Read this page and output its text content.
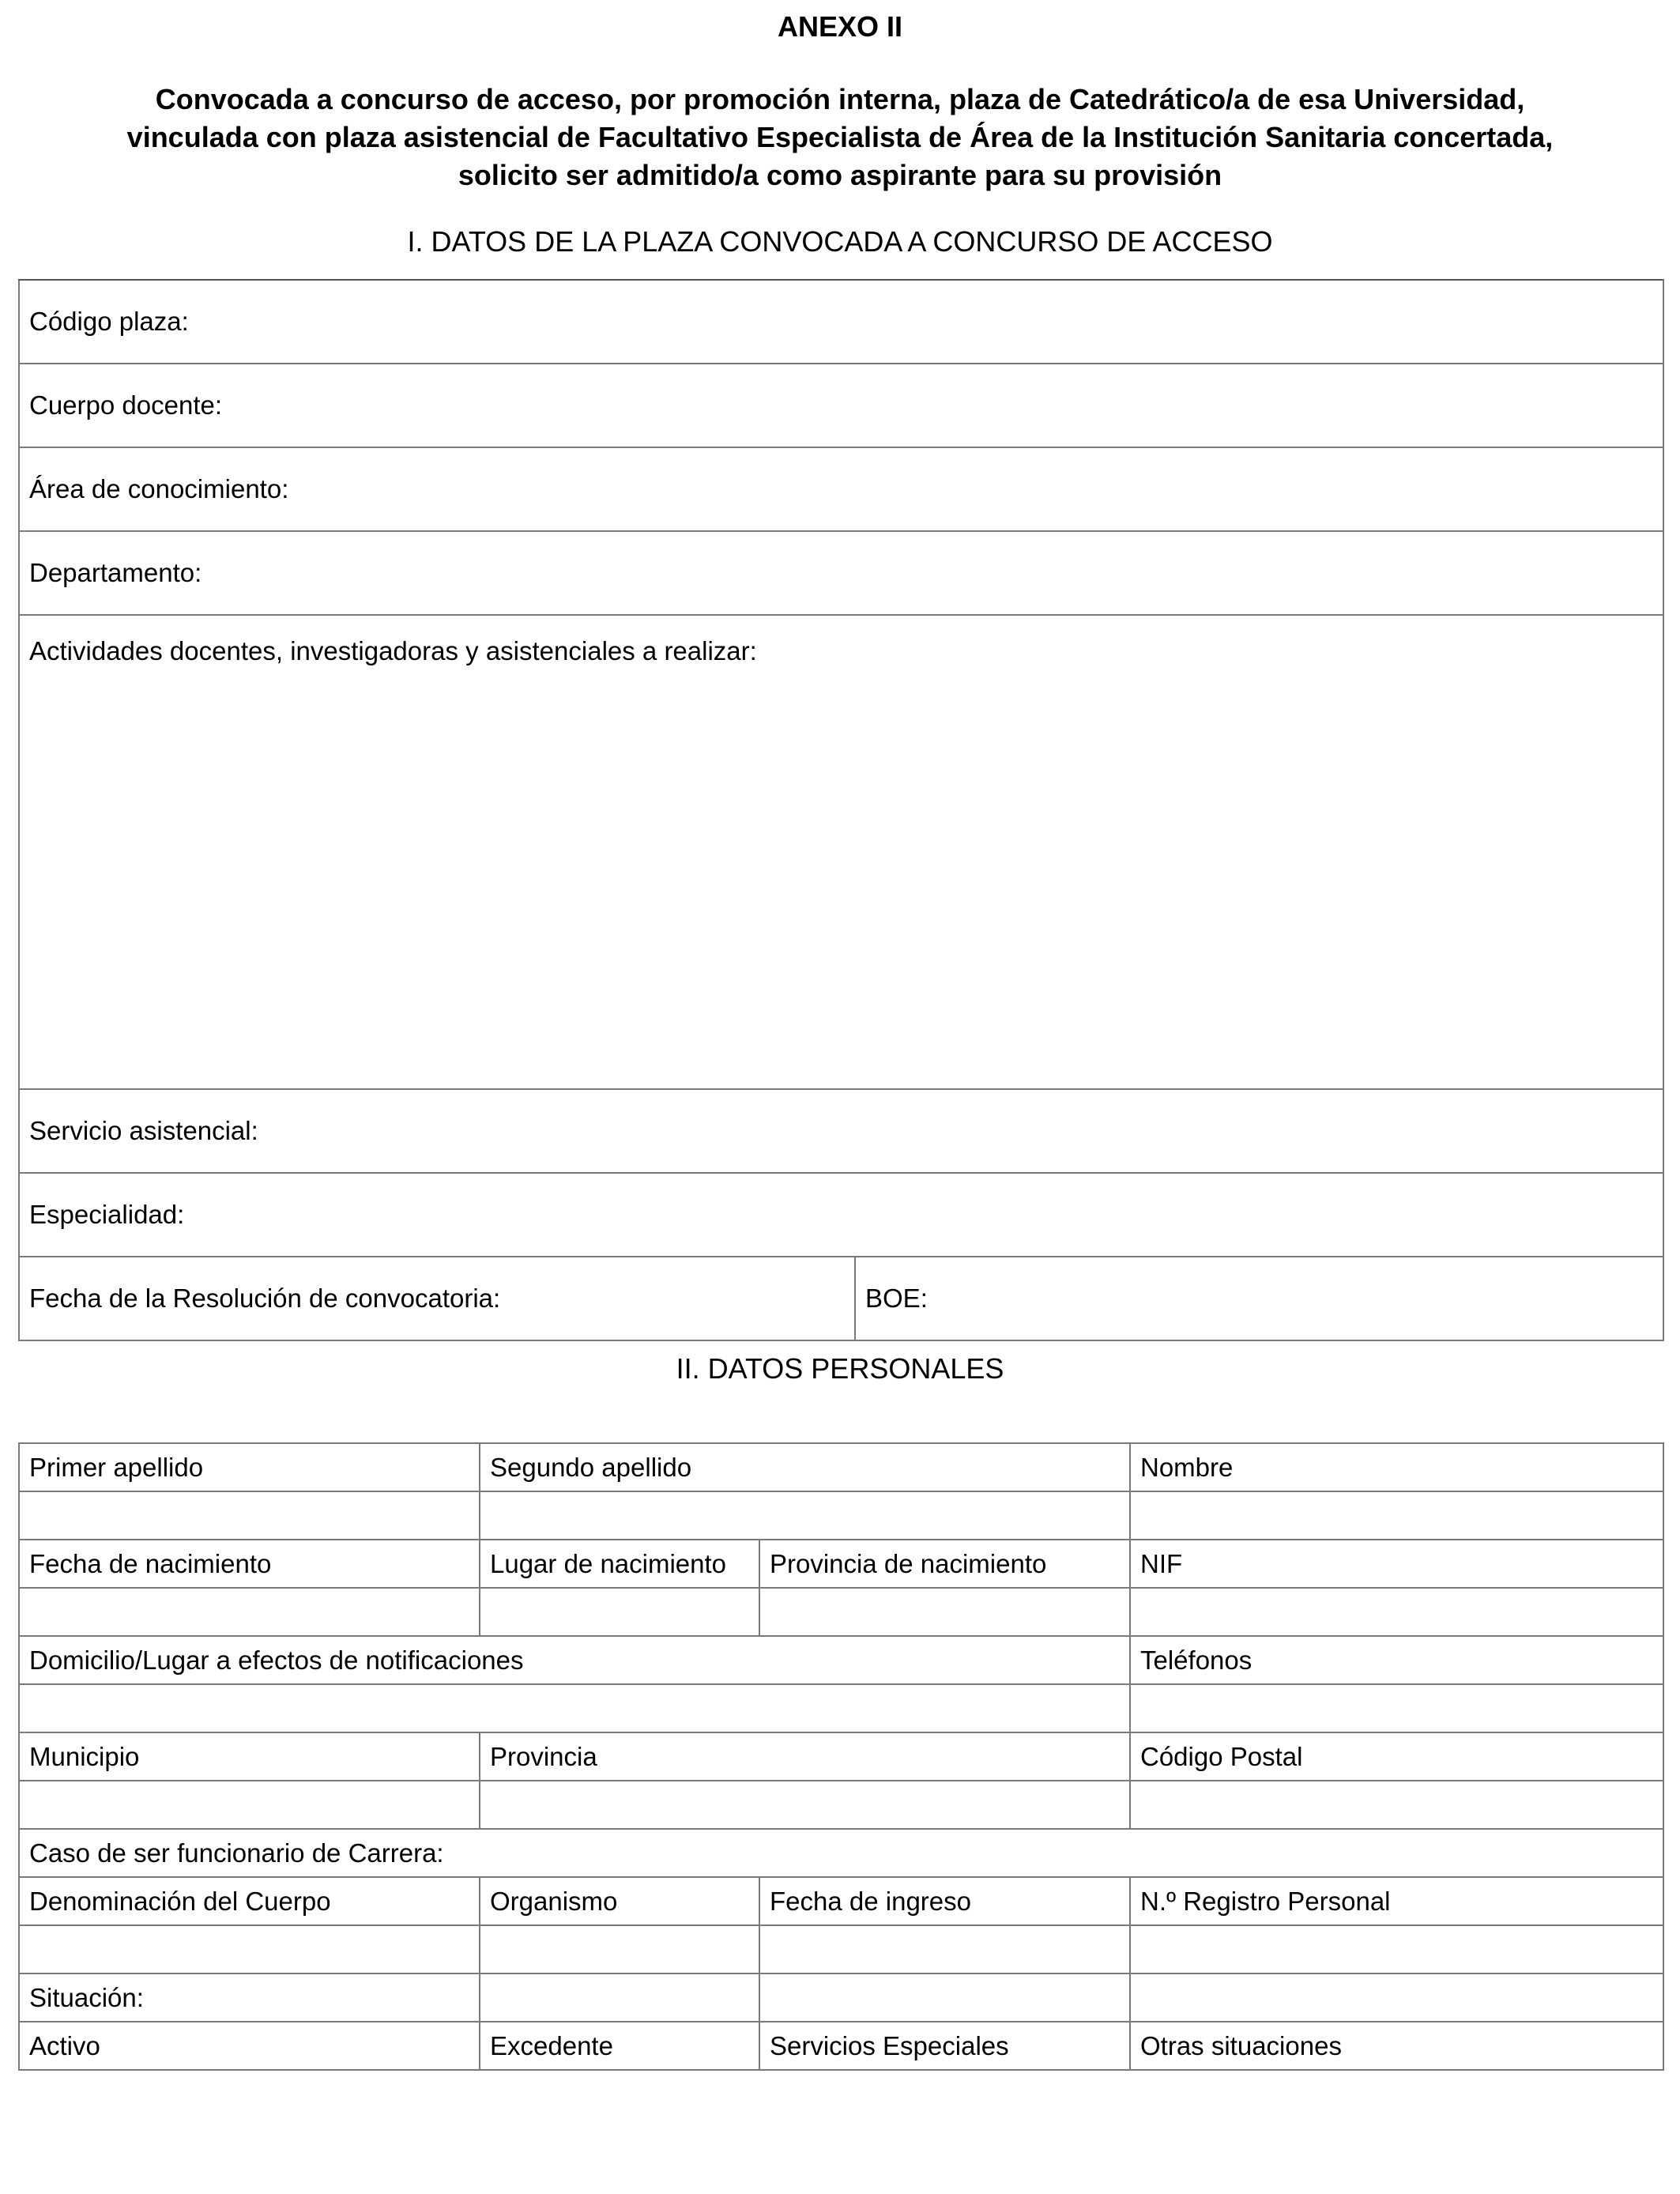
ANEXO II
Convocada a concurso de acceso, por promoción interna, plaza de Catedrático/a de esa Universidad,
vinculada con plaza asistencial de Facultativo Especialista de Área de la Institución Sanitaria concertada,
solicito ser admitido/a como aspirante para su provisión
I. DATOS DE LA PLAZA CONVOCADA A CONCURSO DE ACCESO
Código plaza:
Cuerpo docente:
Área de conocimiento:
Departamento:
Actividades docentes, investigadoras y asistenciales a realizar:
Servicio asistencial:
Especialidad:
Fecha de la Resolución de convocatoria:	BOE:
II. DATOS PERSONALES
Primer apellido	Segundo apellido		Nombre

Fecha de nacimiento	Lugar de nacimiento	Provincia de nacimiento	NIF

Domicilio/Lugar a efectos de notificaciones			Teléfonos

Municipio	Provincia		Código Postal

Caso de ser funcionario de Carrera:			
Denominación del Cuerpo	Organismo	Fecha de ingreso	N.º Registro Personal

Situación:			
Activo	Excedente	Servicios Especiales	Otras situaciones
